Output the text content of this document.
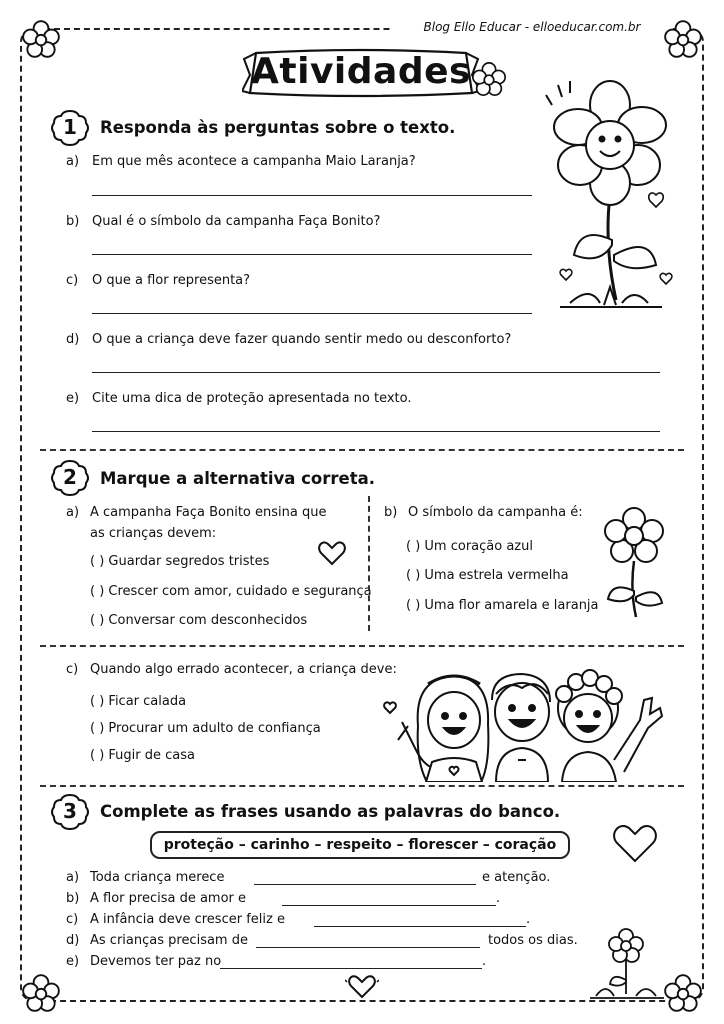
Blog Ello Educar - elloeducar.com.br
Atividades
1	Responda às perguntas sobre o texto.
a) Em que mês acontece a campanha Maio Laranja?
b) Qual é o símbolo da campanha Faça Bonito?
c) O que a flor representa?
d) O que a criança deve fazer quando sentir medo ou desconforto?
e) Cite uma dica de proteção apresentada no texto.
2	Marque a alternativa correta.
a) A campanha Faça Bonito ensina que
as crianças devem:
( ) Guardar segredos tristes
( ) Crescer com amor, cuidado e segurança
( ) Conversar com desconhecidos
b) O símbolo da campanha é:
( ) Um coração azul
( ) Uma estrela vermelha
( ) Uma flor amarela e laranja
c) Quando algo errado acontecer, a criança deve:
( ) Ficar calada
( ) Procurar um adulto de confiança
( ) Fugir de casa
3	Complete as frases usando as palavras do banco.
proteção – carinho – respeito – florescer – coração
a) Toda criança merece	e atenção.
b) A flor precisa de amor e	.
c) A infância deve crescer feliz e	.
d) As crianças precisam de	todos os dias.
e) Devemos ter paz no	.
